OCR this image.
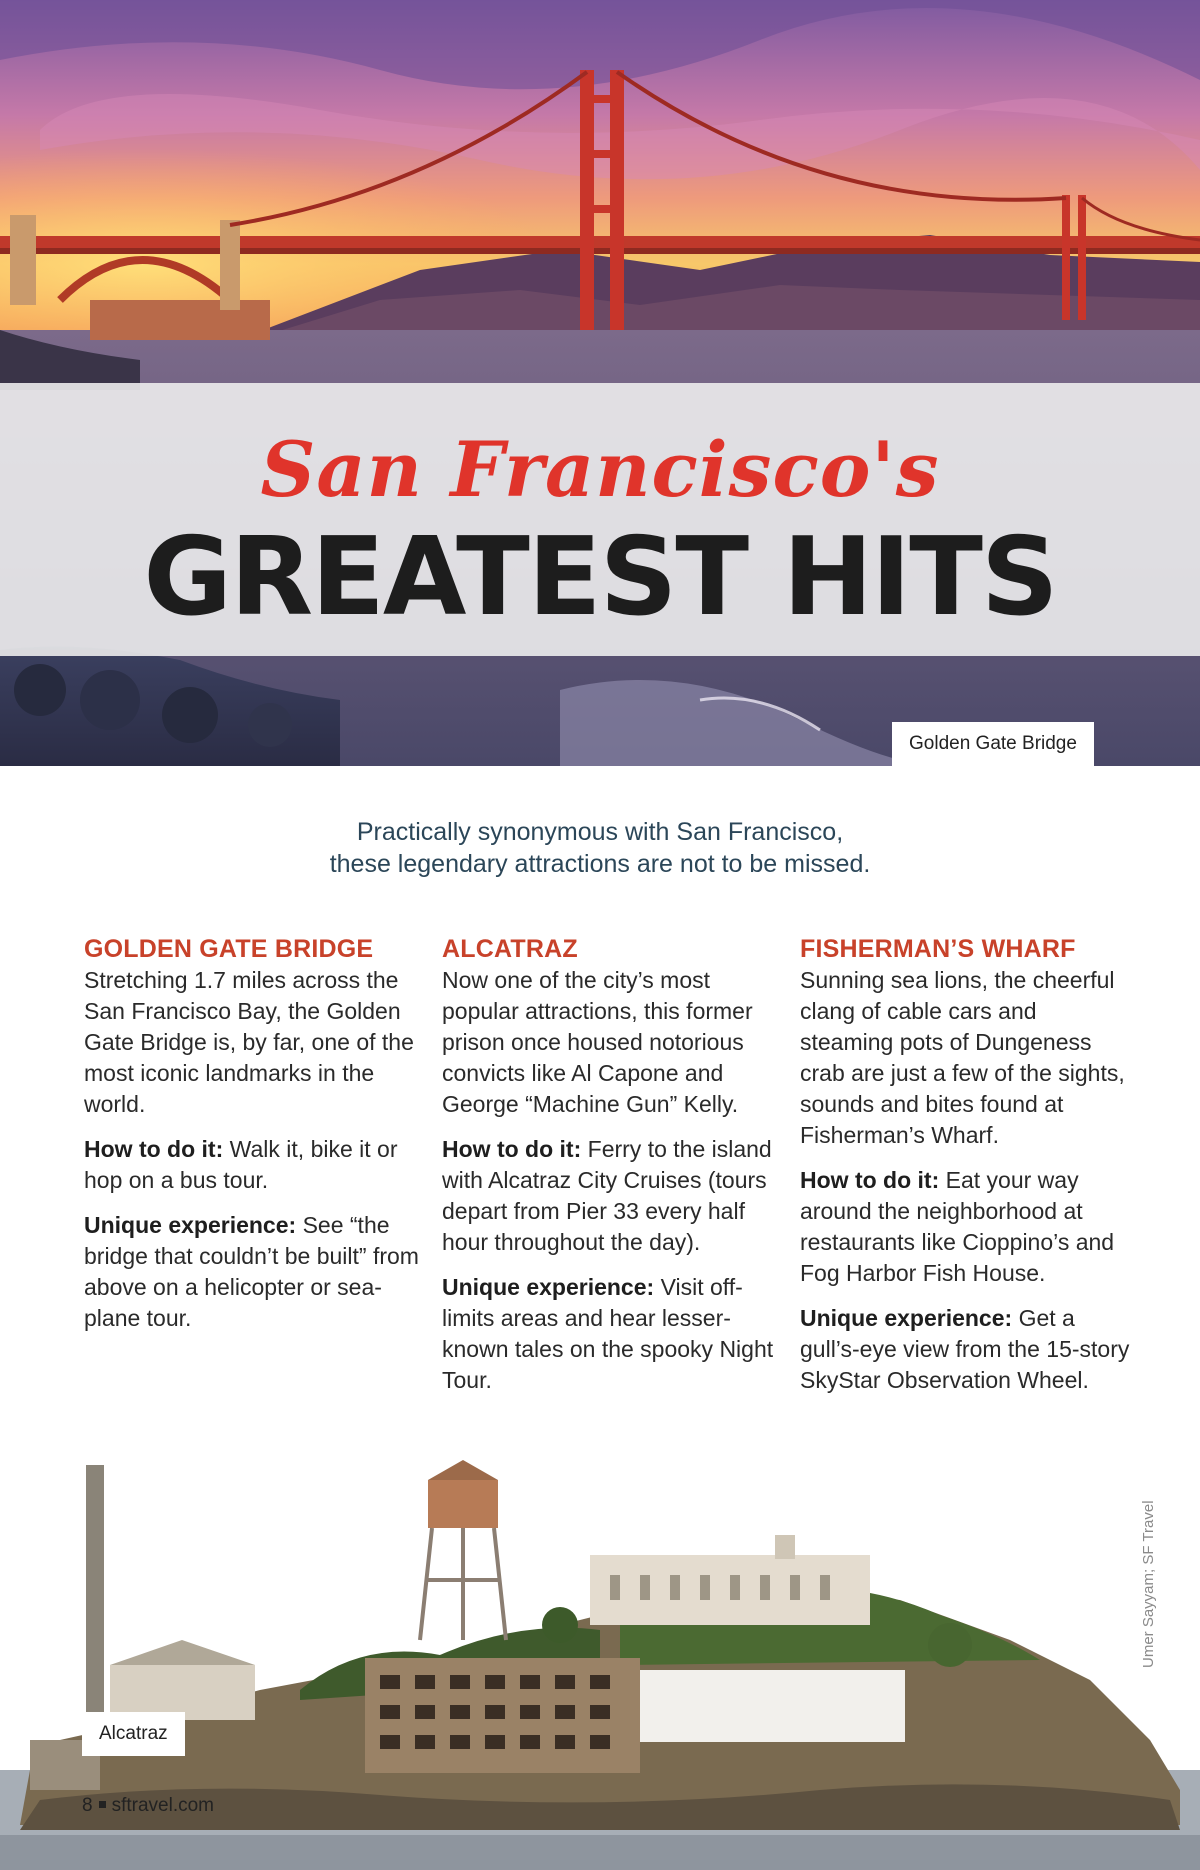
San Francisco's
GREATEST HITS
Golden Gate Bridge
Practically synonymous with San Francisco,
these legendary attractions are not to be missed.
GOLDEN GATE BRIDGE

Stretching 1.7 miles across the San Francisco Bay, the Golden Gate Bridge is, by far, one of the most iconic landmarks in the world.

How to do it: Walk it, bike it or hop on a bus tour.

Unique experience: See “the bridge that couldn’t be built” from above on a helicopter or sea-plane tour.

ALCATRAZ

Now one of the city’s most popular attractions, this former prison once housed notorious convicts like Al Capone and George “Machine Gun” Kelly.

How to do it: Ferry to the island with Alcatraz City Cruises (tours depart from Pier 33 every half hour throughout the day).

Unique experience: Visit off-limits areas and hear lesser-known tales on the spooky Night Tour.

FISHERMAN’S WHARF

Sunning sea lions, the cheerful clang of cable cars and steaming pots of Dungeness crab are just a few of the sights, sounds and bites found at Fisherman’s Wharf.

How to do it: Eat your way around the neighborhood at restaurants like Cioppino’s and Fog Harbor Fish House.

Unique experience: Get a gull’s-eye view from the 15-story SkyStar Observation Wheel.

Alcatraz
Umer Sayyam; SF Travel
8 sftravel.com
